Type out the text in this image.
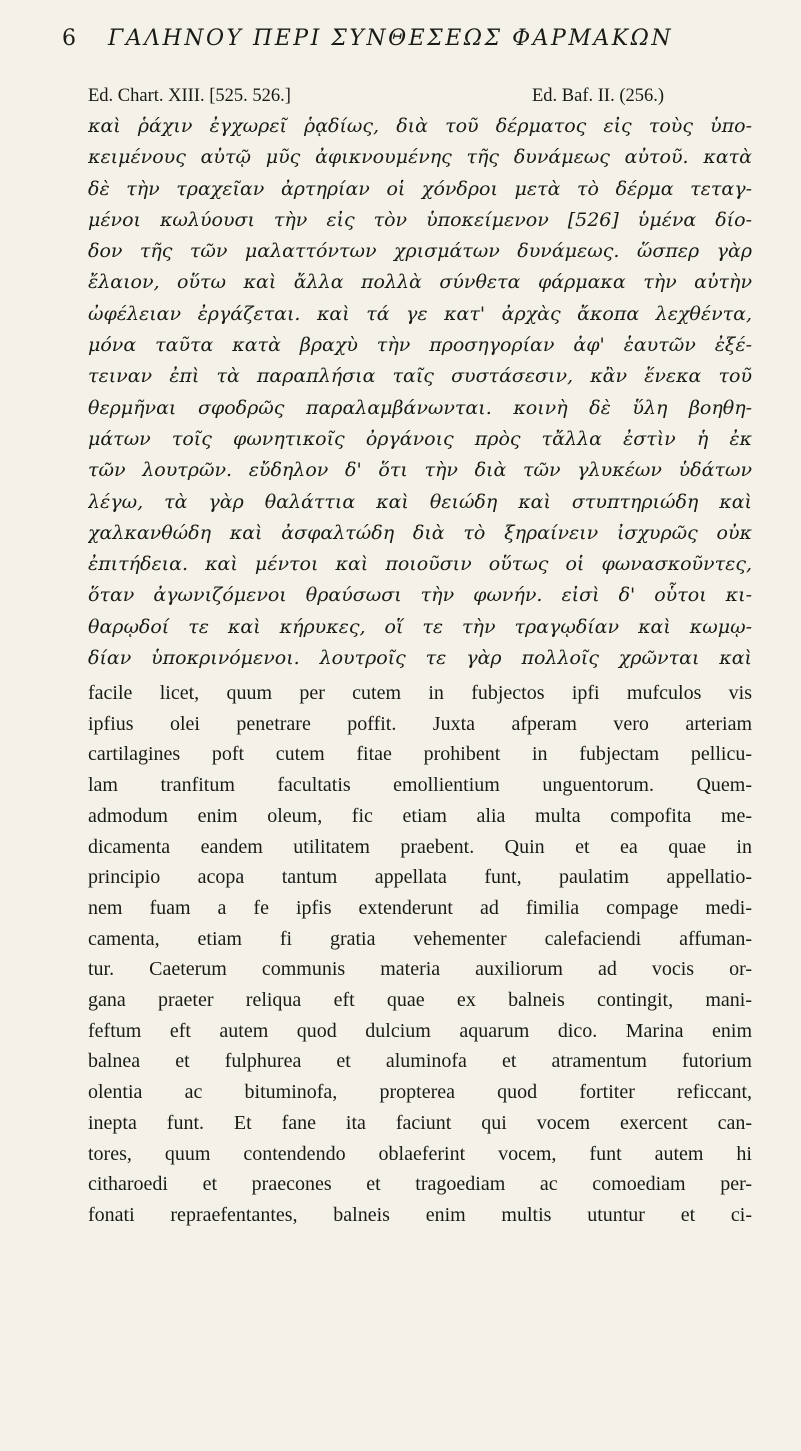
6 ΓΑΛΗΝΟΥ ΠΕΡΙ ΣΥΝΘΕΣΕΩΣ ΦΑΡΜΑΚΩΝ
Ed. Chart. XIII. [525. 526.]	Ed. Baf. II. (256.)
καὶ ῥάχιν ἐγχωρεῖ ῥᾳδίως, διὰ τοῦ δέρματος εἰς τοὺς ὑπο-
κειμένους αὐτῷ μῦς ἀφικνουμένης τῆς δυνάμεως αὐτοῦ. κατὰ
δὲ τὴν τραχεῖαν ἀρτηρίαν οἱ χόνδροι μετὰ τὸ δέρμα τεταγ-
μένοι κωλύουσι τὴν εἰς τὸν ὑποκείμενον [526] ὑμένα δίο-
δον τῆς τῶν μαλαττόντων χρισμάτων δυνάμεως. ὥσπερ γὰρ
ἔλαιον, οὕτω καὶ ἄλλα πολλὰ σύνθετα φάρμακα τὴν αὐτὴν
ὠφέλειαν ἐργάζεται. καὶ τά γε κατ' ἀρχὰς ἄκοπα λεχθέντα,
μόνα ταῦτα κατὰ βραχὺ τὴν προσηγορίαν ἀφ' ἑαυτῶν ἐξέ-
τειναν ἐπὶ τὰ παραπλήσια ταῖς συστάσεσιν, κἂν ἕνεκα τοῦ
θερμῆναι σφοδρῶς παραλαμβάνωνται. κοινὴ δὲ ὕλη βοηθη-
μάτων τοῖς φωνητικοῖς ὀργάνοις πρὸς τἄλλα ἐστὶν ἡ ἐκ
τῶν λουτρῶν. εὔδηλον δ' ὅτι τὴν διὰ τῶν γλυκέων ὑδάτων
λέγω, τὰ γὰρ θαλάττια καὶ θειώδη καὶ στυπτηριώδη καὶ
χαλκανθώδη καὶ ἀσφαλτώδη διὰ τὸ ξηραίνειν ἰσχυρῶς οὐκ
ἐπιτήδεια. καὶ μέντοι καὶ ποιοῦσιν οὕτως οἱ φωνασκοῦντες,
ὅταν ἀγωνιζόμενοι θραύσωσι τὴν φωνήν. εἰσὶ δ' οὗτοι κι-
θαρῳδοί τε καὶ κήρυκες, οἵ τε τὴν τραγῳδίαν καὶ κωμῳ-
δίαν ὑποκρινόμενοι. λουτροῖς τε γὰρ πολλοῖς χρῶνται καὶ
facile licet, quum per cutem in fubjectos ipfi mufculos vis
ipfius olei penetrare poffit. Juxta afperam vero arteriam
cartilagines poft cutem fitae prohibent in fubjectam pellicu-
lam tranfitum facultatis emollientium unguentorum. Quem-
admodum enim oleum, fic etiam alia multa compofita me-
dicamenta eandem utilitatem praebent. Quin et ea quae in
principio acopa tantum appellata funt, paulatim appellatio-
nem fuam a fe ipfis extenderunt ad fimilia compage medi-
camenta, etiam fi gratia vehementer calefaciendi affuman-
tur. Caeterum communis materia auxiliorum ad vocis or-
gana praeter reliqua eft quae ex balneis contingit, mani-
feftum eft autem quod dulcium aquarum dico. Marina enim
balnea et fulphurea et aluminofa et atramentum futorium
olentia ac bituminofa, propterea quod fortiter reficcant,
inepta funt. Et fane ita faciunt qui vocem exercent can-
tores, quum contendendo oblaeferint vocem, funt autem hi
citharoedi et praecones et tragoediam ac comoediam per-
fonati repraefentantes, balneis enim multis utuntur et ci-
